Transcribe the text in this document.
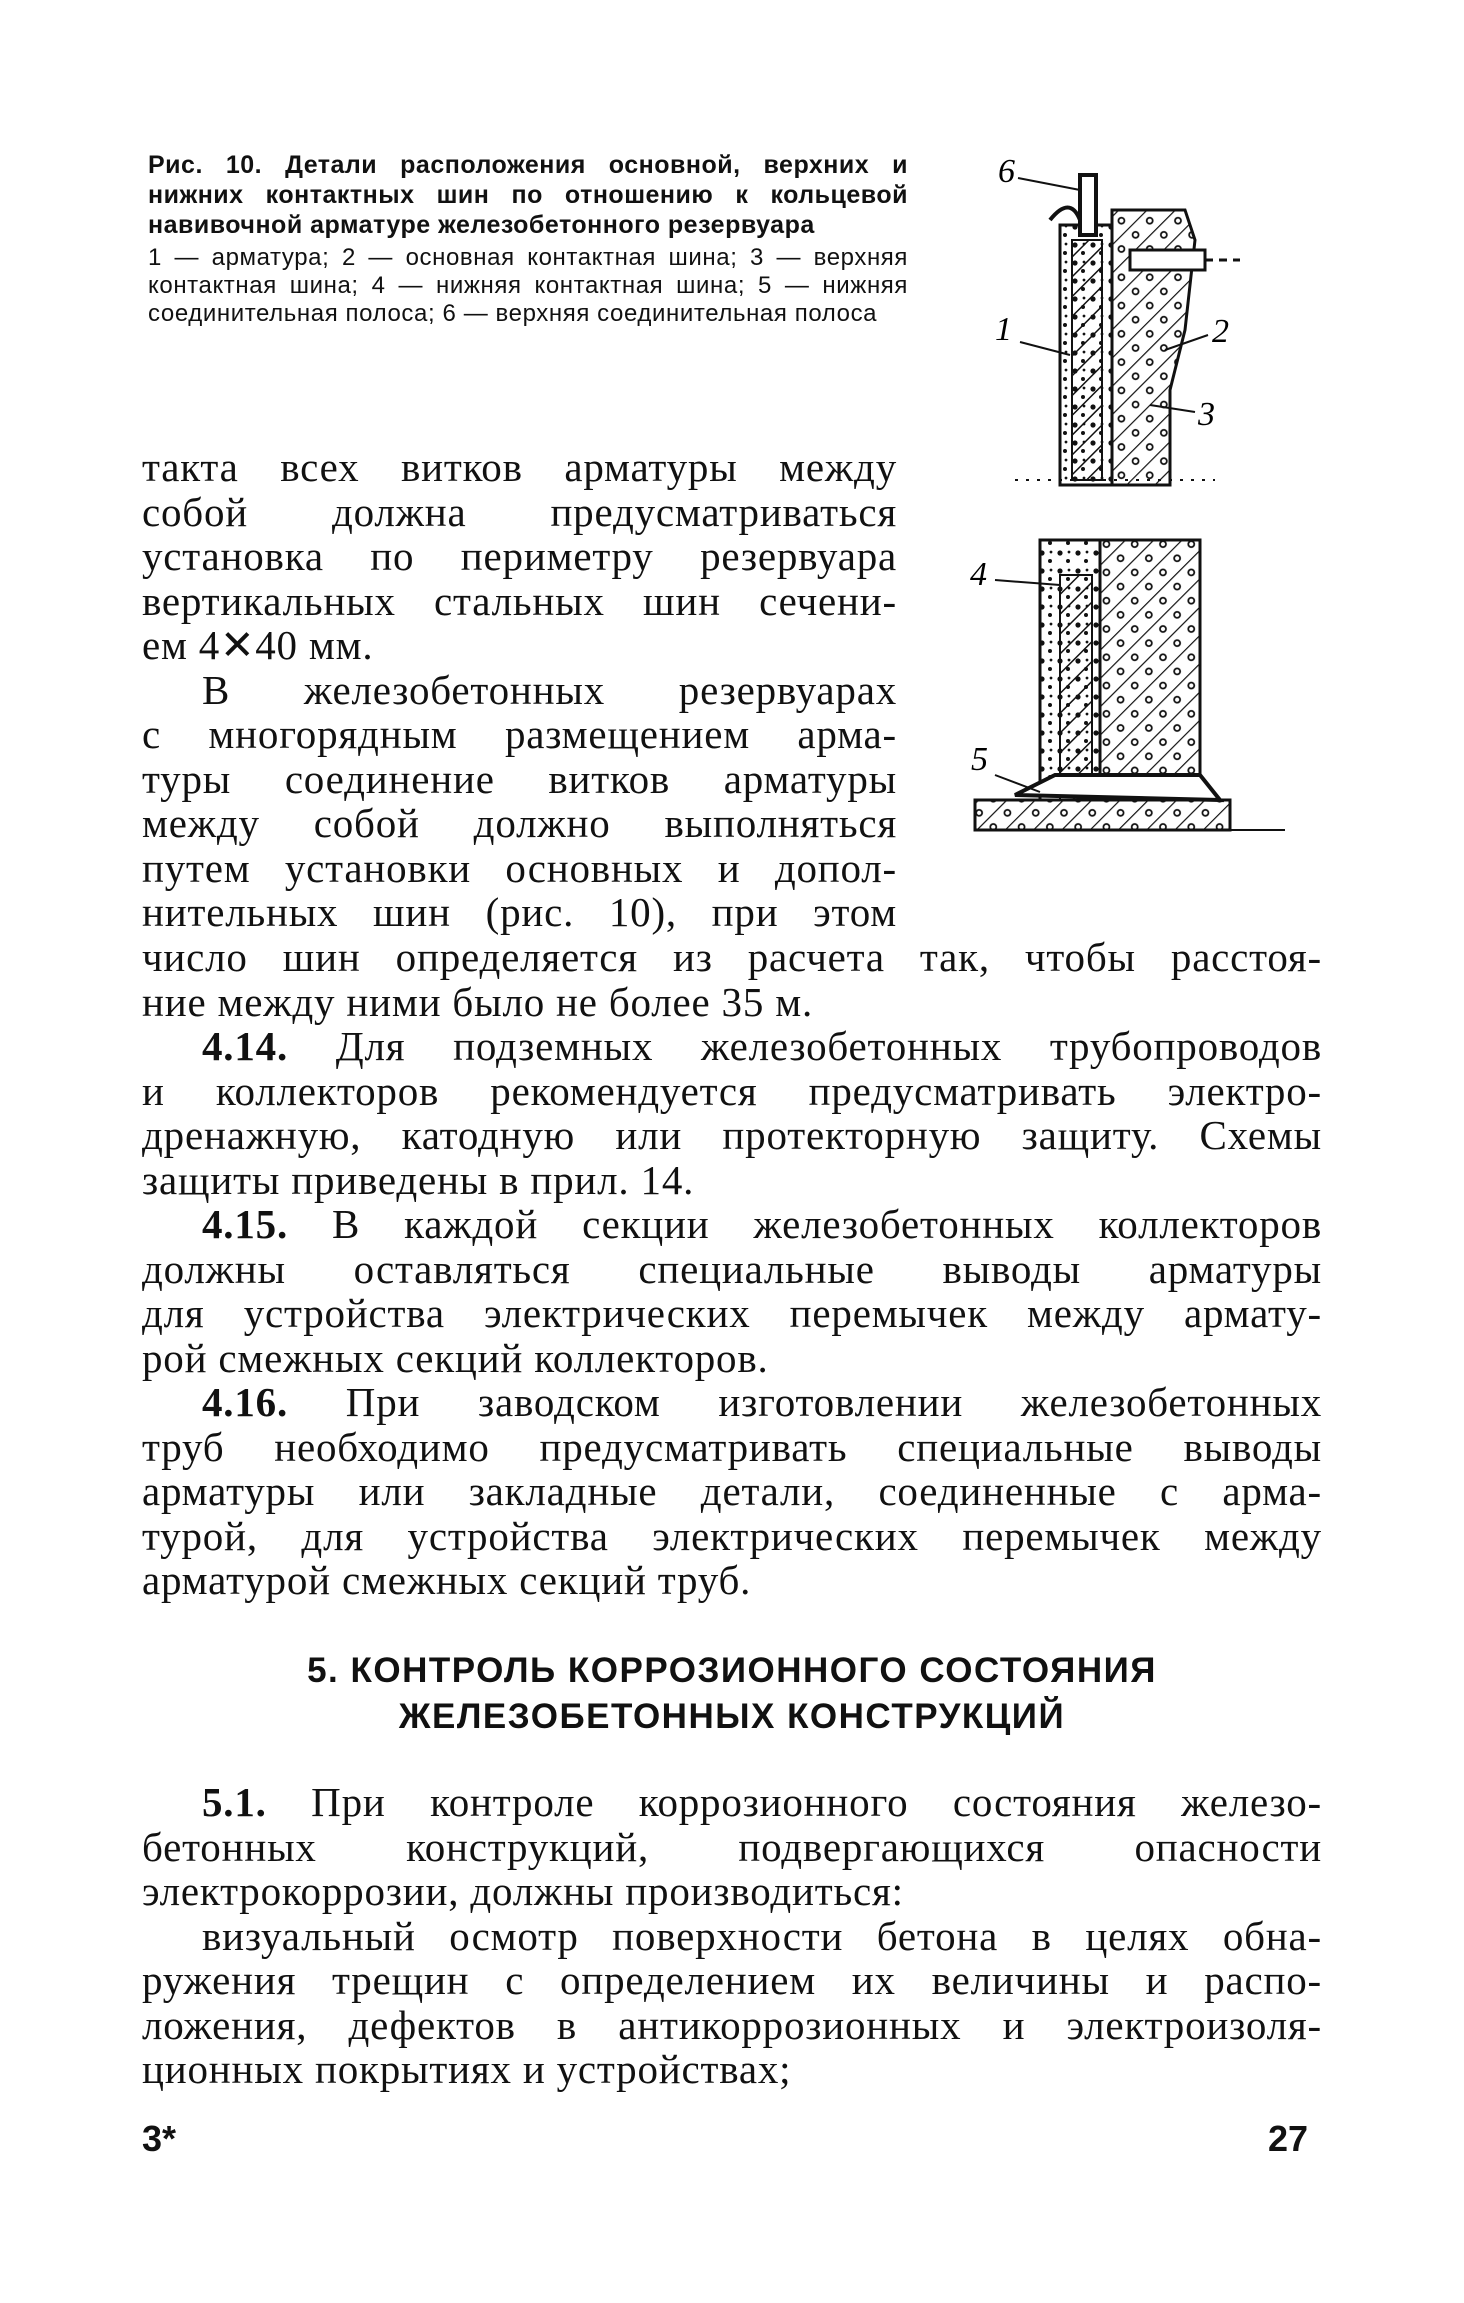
Рис. 10. Детали расположения основной, верхних и нижних контактных шин по отношению к кольцевой навивочной арматуре железобетонного резервуара
1 — арматура; 2 — основная контактная шина; 3 — верхняя контактная шина; 4 — нижняя контактная шина; 5 — нижняя соединительная полоса; 6 — верхняя соединительная полоса
6
1	2
3
4
5
такта всех витков арматуры между
собой должна предусматриваться
установка по периметру резервуара
вертикальных стальных шин сечени-
ем 4✕40 мм.
В железобетонных резервуарах
с многорядным размещением арма-
туры соединение витков арматуры
между собой должно выполняться
путем установки основных и допол-
нительных шин (рис. 10), при этом
число шин определяется из расчета так, чтобы расстоя-
ние между ними было не более 35 м.
4.14. Для подземных железобетонных трубопроводов
и коллекторов рекомендуется предусматривать электро-
дренажную, катодную или протекторную защиту. Схемы
защиты приведены в прил. 14.
4.15. В каждой секции железобетонных коллекторов
должны оставляться специальные выводы арматуры
для устройства электрических перемычек между армату-
рой смежных секций коллекторов.
4.16. При заводском изготовлении железобетонных
труб необходимо предусматривать специальные выводы
арматуры или закладные детали, соединенные с арма-
турой, для устройства электрических перемычек между
арматурой смежных секций труб.
5. КОНТРОЛЬ КОРРОЗИОННОГО СОСТОЯНИЯ
ЖЕЛЕЗОБЕТОННЫХ КОНСТРУКЦИЙ
5.1. При контроле коррозионного состояния железо-
бетонных конструкций, подвергающихся опасности
электрокоррозии, должны производиться:
визуальный осмотр поверхности бетона в целях обна-
ружения трещин с определением их величины и распо-
ложения, дефектов в антикоррозионных и электроизоля-
ционных покрытиях и устройствах;
3*	27
